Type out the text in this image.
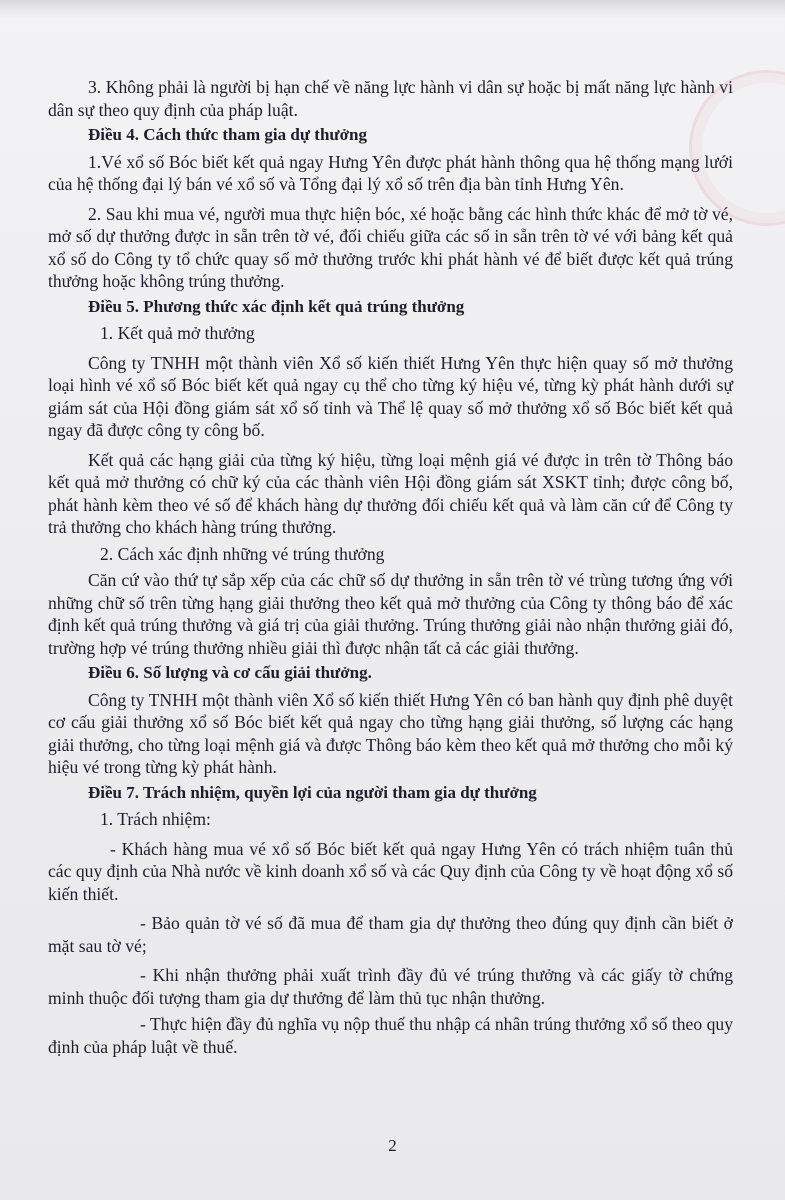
3. Không phải là người bị hạn chế về năng lực hành vi dân sự hoặc bị mất năng lực hành vi dân sự theo quy định của pháp luật.

Điều 4. Cách thức tham gia dự thưởng

1.Vé xổ số Bóc biết kết quả ngay Hưng Yên được phát hành thông qua hệ thống mạng lưới của hệ thống đại lý bán vé xổ số và Tổng đại lý xổ số trên địa bàn tỉnh Hưng Yên.

2. Sau khi mua vé, người mua thực hiện bóc, xé hoặc bằng các hình thức khác để mở tờ vé, mở số dự thưởng được in sẵn trên tờ vé, đối chiếu giữa các số in sẵn trên tờ vé với bảng kết quả xổ số do Công ty tổ chức quay số mở thưởng trước khi phát hành vé để biết được kết quả trúng thưởng hoặc không trúng thưởng.

Điều 5. Phương thức xác định kết quả trúng thưởng

1. Kết quả mở thưởng

Công ty TNHH một thành viên Xổ số kiến thiết Hưng Yên thực hiện quay số mở thưởng loại hình vé xổ số Bóc biết kết quả ngay cụ thể cho từng ký hiệu vé, từng kỳ phát hành dưới sự giám sát của Hội đồng giám sát xổ số tỉnh và Thể lệ quay số mở thưởng xổ số Bóc biết kết quả ngay đã được công ty công bố.

Kết quả các hạng giải của từng ký hiệu, từng loại mệnh giá vé được in trên tờ Thông báo kết quả mở thưởng có chữ ký của các thành viên Hội đồng giám sát XSKT tỉnh; được công bố, phát hành kèm theo vé số để khách hàng dự thưởng đối chiếu kết quả và làm căn cứ để Công ty trả thưởng cho khách hàng trúng thưởng.

2. Cách xác định những vé trúng thưởng

Căn cứ vào thứ tự sắp xếp của các chữ số dự thưởng in sẵn trên tờ vé trùng tương ứng với những chữ số trên từng hạng giải thưởng theo kết quả mở thưởng của Công ty thông báo để xác định kết quả trúng thưởng và giá trị của giải thưởng. Trúng thưởng giải nào nhận thưởng giải đó, trường hợp vé trúng thưởng nhiều giải thì được nhận tất cả các giải thưởng.

Điều 6. Số lượng và cơ cấu giải thưởng.

Công ty TNHH một thành viên Xổ số kiến thiết Hưng Yên có ban hành quy định phê duyệt cơ cấu giải thưởng xổ số Bóc biết kết quả ngay cho từng hạng giải thưởng, số lượng các hạng giải thưởng, cho từng loại mệnh giá và được Thông báo kèm theo kết quả mở thưởng cho mỗi ký hiệu vé trong từng kỳ phát hành.

Điều 7. Trách nhiệm, quyền lợi của người tham gia dự thưởng

1. Trách nhiệm:

- Khách hàng mua vé xổ số Bóc biết kết quả ngay Hưng Yên có trách nhiệm tuân thủ các quy định của Nhà nước về kinh doanh xổ số và các Quy định của Công ty về hoạt động xổ số kiến thiết.

- Bảo quản tờ vé số đã mua để tham gia dự thưởng theo đúng quy định cần biết ở mặt sau tờ vé;

- Khi nhận thưởng phải xuất trình đầy đủ vé trúng thưởng và các giấy tờ chứng minh thuộc đối tượng tham gia dự thưởng để làm thủ tục nhận thưởng.

- Thực hiện đầy đủ nghĩa vụ nộp thuế thu nhập cá nhân trúng thưởng xổ số theo quy định của pháp luật về thuế.

2
